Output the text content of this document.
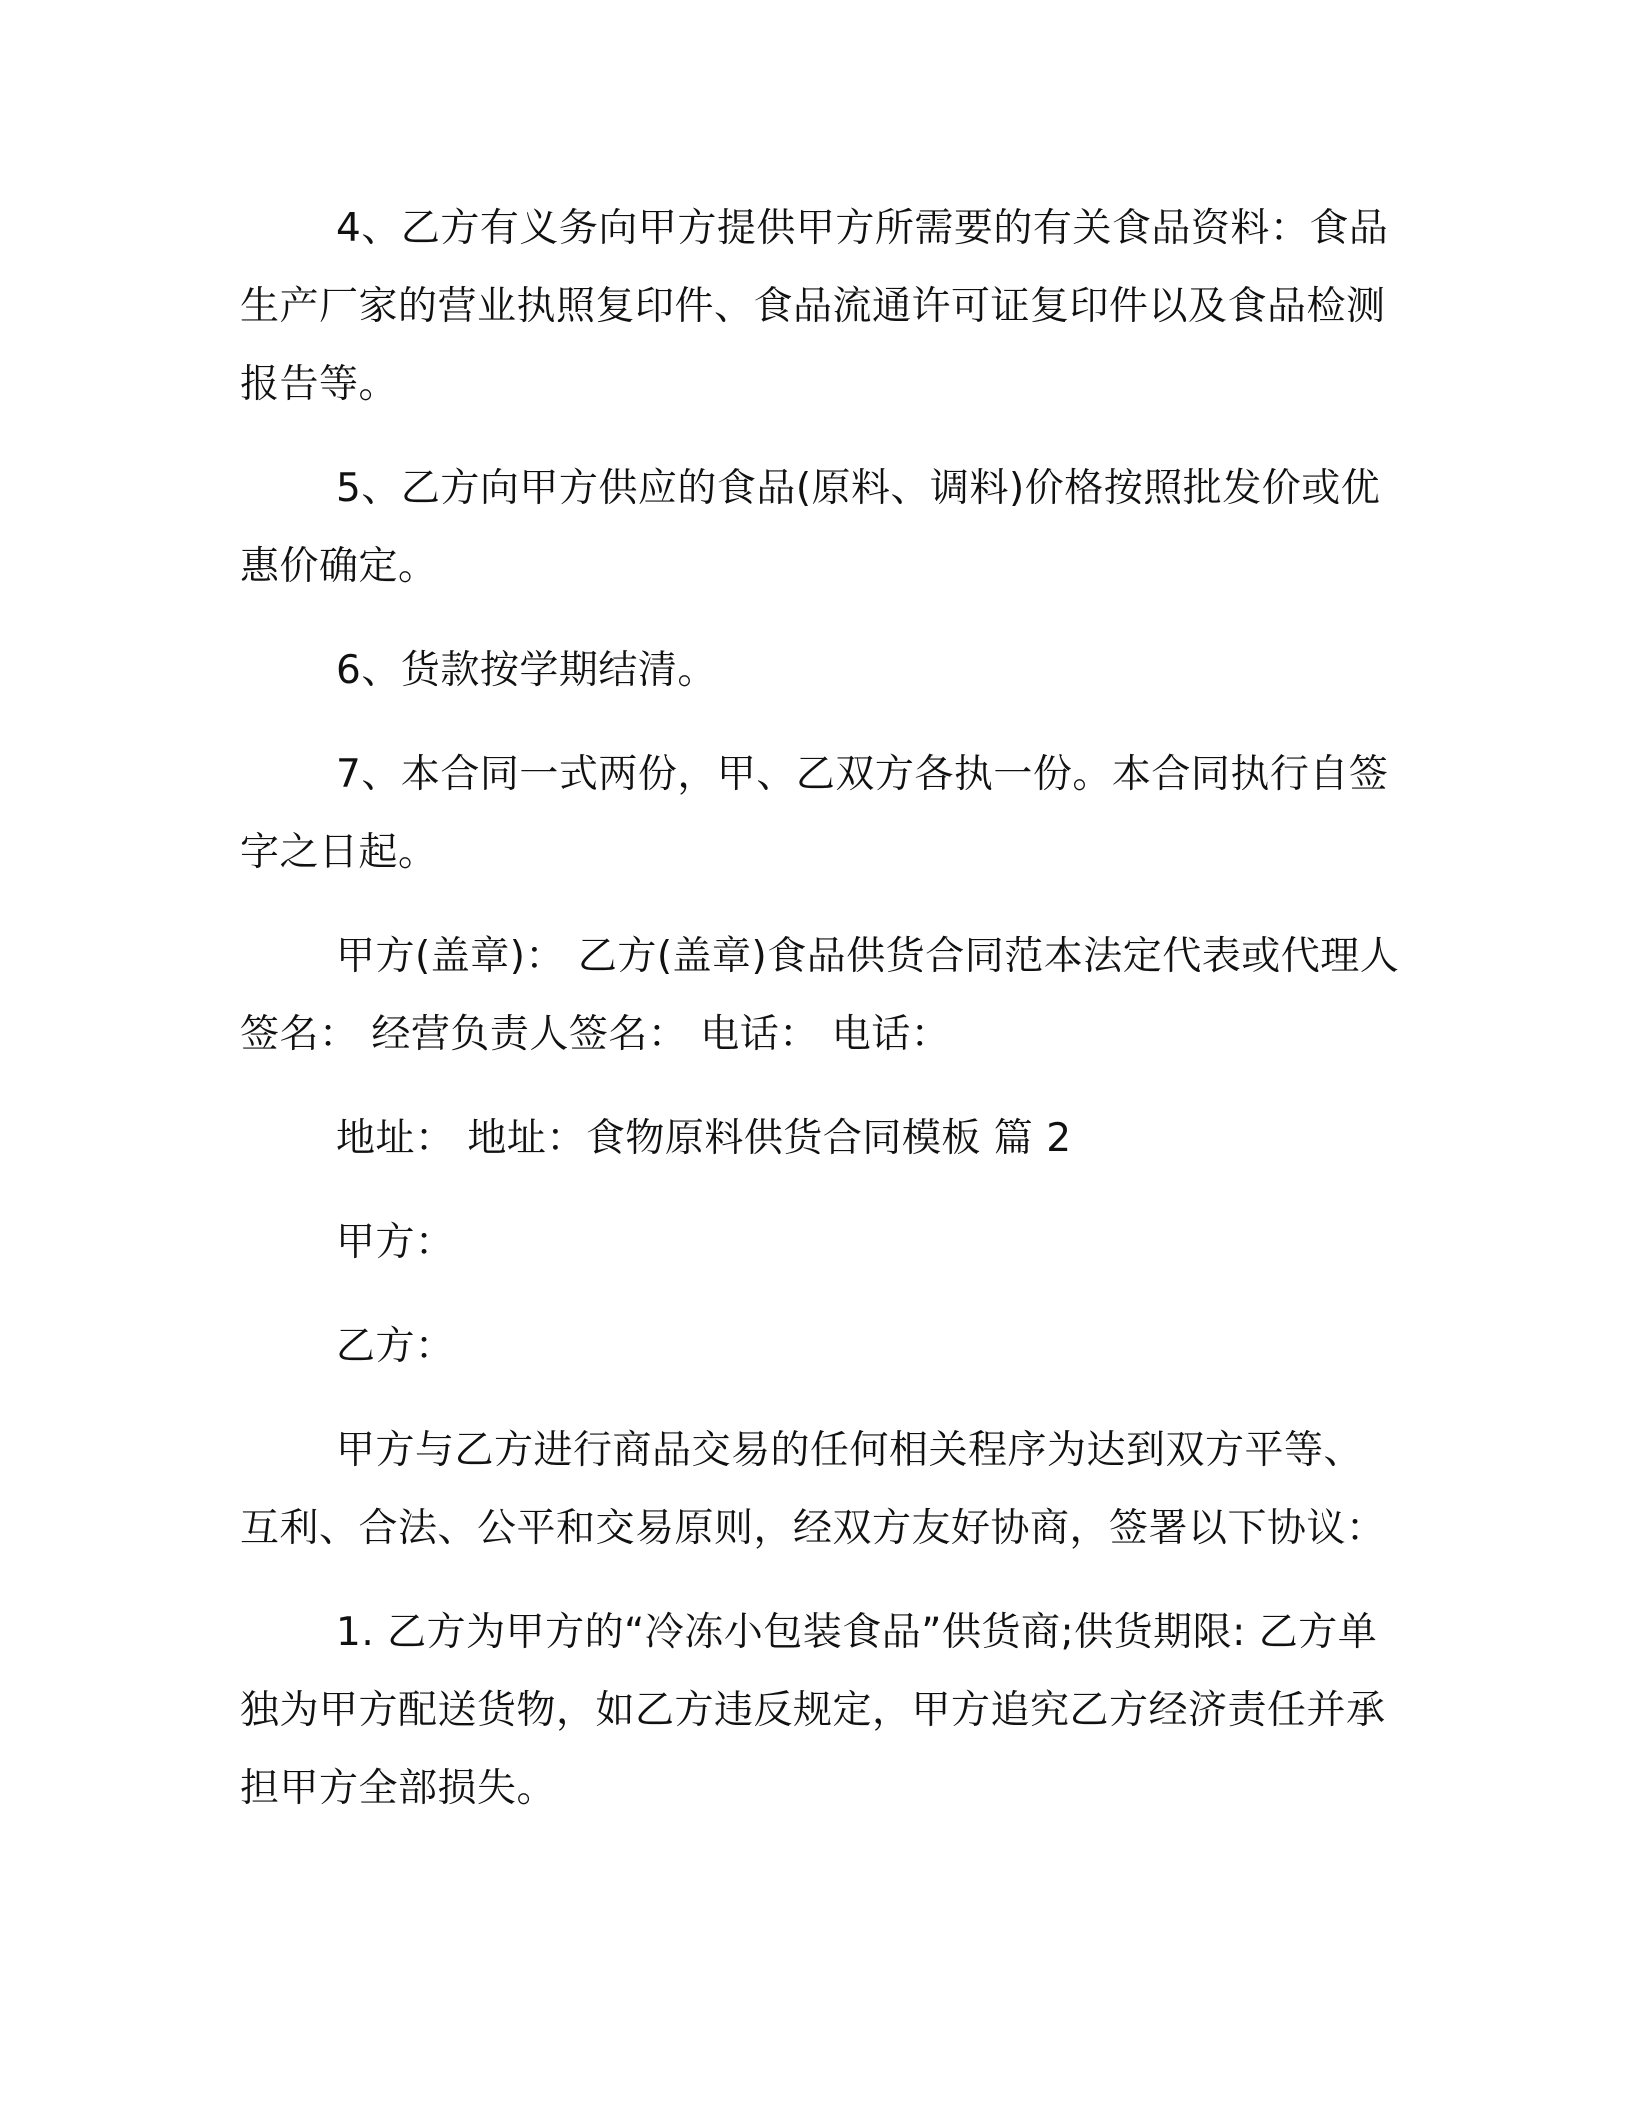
4、乙方有义务向甲方提供甲方所需要的有关食品资料：食品生产厂家的营业执照复印件、食品流通许可证复印件以及食品检测报告等。

5、乙方向甲方供应的食品(原料、调料)价格按照批发价或优惠价确定。

6、货款按学期结清。

7、本合同一式两份，甲、乙双方各执一份。本合同执行自签字之日起。

甲方(盖章)： 乙方(盖章)食品供货合同范本法定代表或代理人签名： 经营负责人签名： 电话： 电话：

地址： 地址：食物原料供货合同模板 篇 2

甲方：

乙方：

甲方与乙方进行商品交易的任何相关程序为达到双方平等、互利、合法、公平和交易原则，经双方友好协商，签署以下协议：

1. 乙方为甲方的“冷冻小包装食品”供货商;供货期限: 乙方单独为甲方配送货物，如乙方违反规定，甲方追究乙方经济责任并承担甲方全部损失。
